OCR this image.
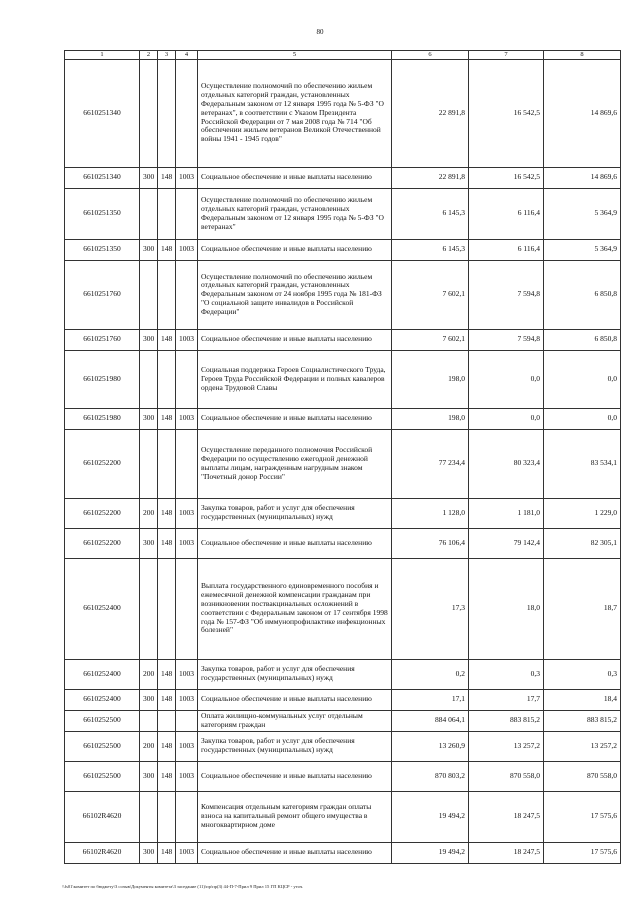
80
1	2	3	4	5	6	7	8
6610251340				Осуществление полномочий по обеспечению жильем отдельных категорий граждан, установленных Федеральным законом от 12 января 1995 года № 5-ФЗ "О ветеранах", в соответствии с Указом Президента Российской Федерации от 7 мая 2008 года № 714 "Об обеспечении жильем ветеранов Великой Отечественной войны 1941 - 1945 годов"	22 891,8	16 542,5	14 869,6
6610251340	300	148	1003	Социальное обеспечение и иные выплаты населению	22 891,8	16 542,5	14 869,6
6610251350				Осуществление полномочий по обеспечению жильем отдельных категорий граждан, установленных Федеральным законом от 12 января 1995 года № 5-ФЗ "О ветеранах"	6 145,3	6 116,4	5 364,9
6610251350	300	148	1003	Социальное обеспечение и иные выплаты населению	6 145,3	6 116,4	5 364,9
6610251760				Осуществление полномочий по обеспечению жильем отдельных категорий граждан, установленных Федеральным законом от 24 ноября 1995 года № 181-ФЗ "О социальной защите инвалидов в Российской Федерации"	7 602,1	7 594,8	6 850,8
6610251760	300	148	1003	Социальное обеспечение и иные выплаты населению	7 602,1	7 594,8	6 850,8
6610251980				Социальная поддержка Героев Социалистического Труда, Героев Труда Российской Федерации и полных кавалеров ордена Трудовой Славы	198,0	0,0	0,0
6610251980	300	148	1003	Социальное обеспечение и иные выплаты населению	198,0	0,0	0,0
6610252200				Осуществление переданного полномочия Российской Федерации по осуществлению ежегодной денежной выплаты лицам, награжденным нагрудным знаком "Почетный донор России"	77 234,4	80 323,4	83 534,1
6610252200	200	148	1003	Закупка товаров, работ и услуг для обеспечения государственных (муниципальных) нужд	1 128,0	1 181,0	1 229,0
6610252200	300	148	1003	Социальное обеспечение и иные выплаты населению	76 106,4	79 142,4	82 305,1
6610252400				Выплата государственного единовременного пособия и ежемесячной денежной компенсации гражданам при возникновении поствакцинальных осложнений в соответствии с Федеральным законом от 17 сентября 1998 года № 157-ФЗ "Об иммунопрофилактике инфекционных болезней"	17,3	18,0	18,7
6610252400	200	148	1003	Закупка товаров, работ и услуг для обеспечения государственных (муниципальных) нужд	0,2	0,3	0,3
6610252400	300	148	1003	Социальное обеспечение и иные выплаты населению	17,1	17,7	18,4
6610252500				Оплата жилищно-коммунальных услуг отдельным категориям граждан	884 064,1	883 815,2	883 815,2
6610252500	200	148	1003	Закупка товаров, работ и услуг для обеспечения государственных (муниципальных) нужд	13 260,9	13 257,2	13 257,2
6610252500	300	148	1003	Социальное обеспечение и иные выплаты населению	870 803,2	870 558,0	870 558,0
66102R4620				Компенсация отдельным категориям граждан оплаты взноса на капитальный ремонт общего имущества в многоквартирном доме	19 494,2	18 247,5	17 575,6
66102R4620	300	148	1003	Социальное обеспечение и иные выплаты населению	19 494,2	18 247,5	17 575,6
\\fs01\комитет по бюджету\3 созыв\Документы комитета\3 заседание (11)\пр\пр(3) 44-П-7-Прил 9 Прил 15 ГП КЦСР - уточ.
